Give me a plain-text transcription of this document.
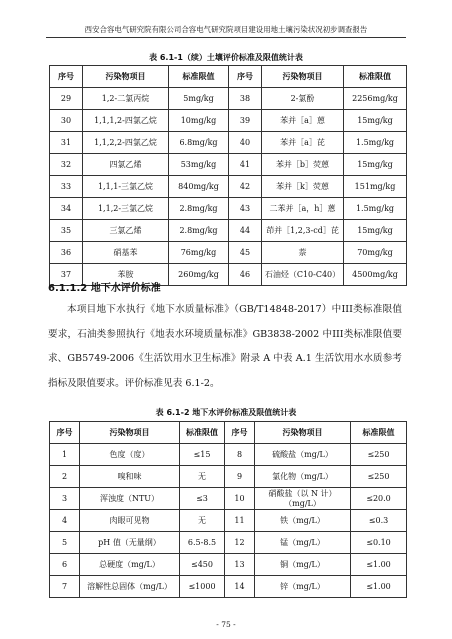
西安合容电气研究院有限公司合容电气研究院项目建设用地土壤污染状况初步调查报告
表 6.1-1（续）土壤评价标准及限值统计表
序号	污染物项目	标准限值	序号	污染物项目	标准限值
29	1,2-二氯丙烷	5mg/kg	38	2-氯酚	2256mg/kg
30	1,1,1,2-四氯乙烷	10mg/kg	39	苯并［a］蒽	15mg/kg
31	1,1,2,2-四氯乙烷	6.8mg/kg	40	苯并［a］芘	1.5mg/kg
32	四氯乙烯	53mg/kg	41	苯并［b］荧蒽	15mg/kg
33	1,1,1-三氯乙烷	840mg/kg	42	苯并［k］荧蒽	151mg/kg
34	1,1,2-三氯乙烷	2.8mg/kg	43	二苯并［a，h］蒽	1.5mg/kg
35	三氯乙烯	2.8mg/kg	44	茚并［1,2,3-cd］芘	15mg/kg
36	硝基苯	76mg/kg	45	萘	70mg/kg
37	苯胺	260mg/kg	46	石油烃（C10-C40）	4500mg/kg
6.1.1.2 地下水评价标准

本项目地下水执行《地下水质量标准》（GB/T14848-2017）中III类标准限值要求，石油类参照执行《地表水环境质量标准》GB3838-2002 中III类标准限值要求、GB5749-2006《生活饮用水卫生标准》附录 A 中表 A.1 生活饮用水水质参考指标及限值要求。评价标准见表 6.1-2。

表 6.1-2 地下水评价标准及限值统计表
序号	污染物项目	标准限值	序号	污染物项目	标准限值
1	色度（度）	≤15	8	硫酸盐（mg/L）	≤250
2	嗅和味	无	9	氯化物（mg/L）	≤250
3	浑浊度（NTU）	≤3	10	硝酸盐（以 N 计）（mg/L）	≤20.0
4	肉眼可见物	无	11	铁（mg/L）	≤0.3
5	pH 值（无量纲）	6.5-8.5	12	锰（mg/L）	≤0.10
6	总硬度（mg/L）	≤450	13	铜（mg/L）	≤1.00
7	溶解性总固体（mg/L）	≤1000	14	锌（mg/L）	≤1.00
- 75 -
